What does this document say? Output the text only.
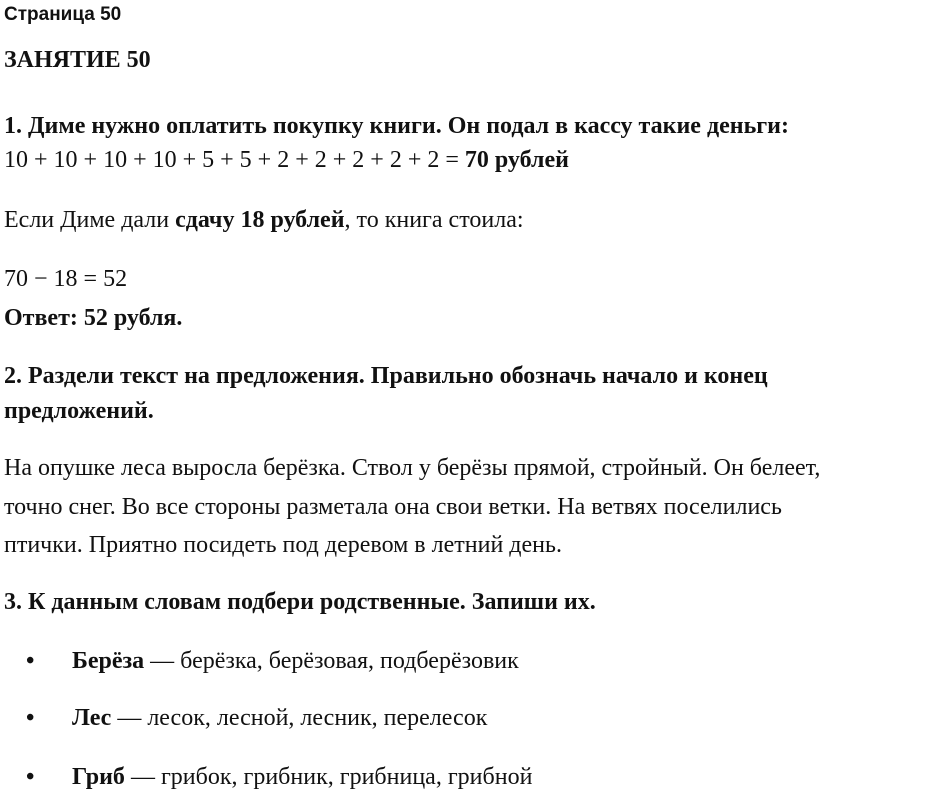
Страница 50
ЗАНЯТИЕ 50
1. Диме нужно оплатить покупку книги. Он подал в кассу такие деньги:
10 + 10 + 10 + 10 + 5 + 5 + 2 + 2 + 2 + 2 + 2 = 70 рублей
Если Диме дали сдачу 18 рублей, то книга стоила:
70 − 18 = 52
Ответ: 52 рубля.
2. Раздели текст на предложения. Правильно обозначь начало и конец
предложений.
На опушке леса выросла берёзка. Ствол у берёзы прямой, стройный. Он белеет,
точно снег. Во все стороны разметала она свои ветки. На ветвях поселились
птички. Приятно посидеть под деревом в летний день.
3. К данным словам подбери родственные. Запиши их.
• Берёза — берёзка, берёзовая, подберёзовик
• Лес — лесок, лесной, лесник, перелесок
• Гриб — грибок, грибник, грибница, грибной
